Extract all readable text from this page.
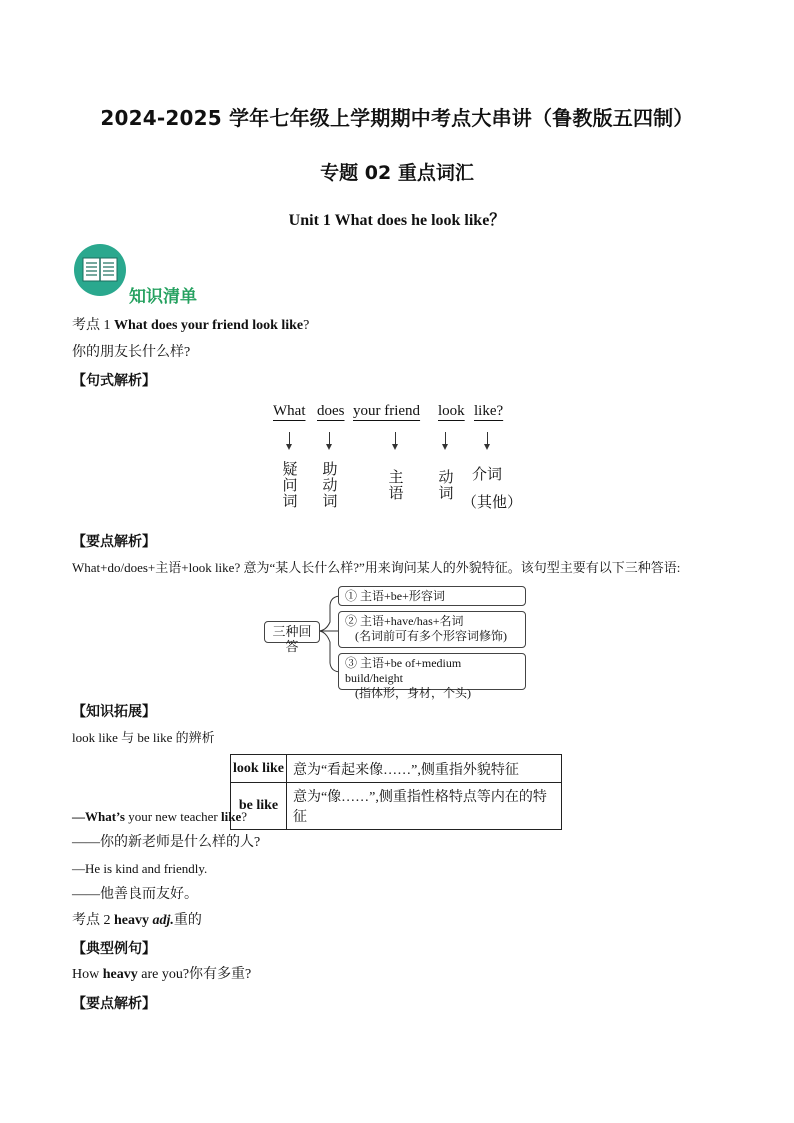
2024-2025 学年七年级上学期期中考点大串讲（鲁教版五四制）
专题 02 重点词汇
Unit 1 What does he look like？
知识清单
考点 1 What does your friend look like?
你的朋友长什么样?
【句式解析】
What does your friend look like?
疑
问
词
助
动
词
主
语
动
词
介词
（其他）
【要点解析】
What+do/does+主语+look like? 意为“某人长什么样?”用来询问某人的外貌特征。该句型主要有以下三种答语:
三种回答
① 主语+be+形容词
② 主语+have/has+名词
(名词前可有多个形容词修饰)
③ 主语+be of+medium build/height
(指体形，身材，个头)
【知识拓展】
look like 与 be like 的辨析
look like	意为“看起来像……”,侧重指外貌特征
be like	意为“像……”,侧重指性格特点等内在的特征
—What’s your new teacher like?
——你的新老师是什么样的人?
—He is kind and friendly.
——他善良而友好。
考点 2 heavy adj.重的
【典型例句】
How heavy are you?你有多重?
【要点解析】
